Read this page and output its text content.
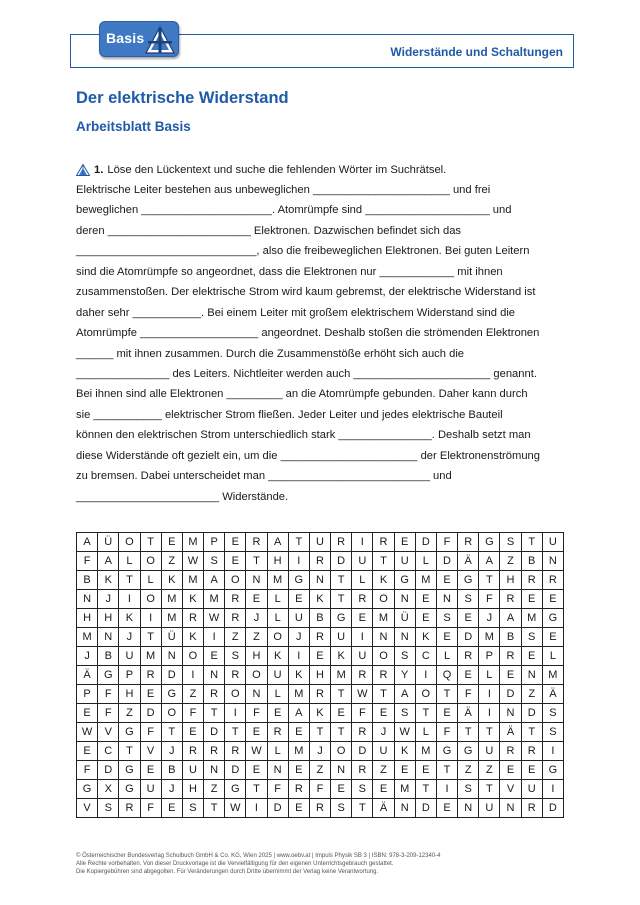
Basis
Widerstände und Schaltungen
Der elektrische Widerstand
Arbeitsblatt Basis
1. Löse den Lückentext und suche die fehlenden Wörter im Suchrätsel.
Elektrische Leiter bestehen aus unbeweglichen ______________________ und frei
beweglichen _____________________. Atomrümpfe sind ____________________ und
deren _______________________ Elektronen. Dazwischen befindet sich das
_____________________________, also die freibeweglichen Elektronen. Bei guten Leitern
sind die Atomrümpfe so angeordnet, dass die Elektronen nur ____________ mit ihnen
zusammenstoßen. Der elektrische Strom wird kaum gebremst, der elektrische Widerstand ist
daher sehr ___________. Bei einem Leiter mit großem elektrischem Widerstand sind die
Atomrümpfe ___________________ angeordnet. Deshalb stoßen die strömenden Elektronen
______ mit ihnen zusammen. Durch die Zusammenstöße erhöht sich auch die
_______________ des Leiters. Nichtleiter werden auch ______________________ genannt.
Bei ihnen sind alle Elektronen _________ an die Atomrümpfe gebunden. Daher kann durch
sie ___________ elektrischer Strom fließen. Jeder Leiter und jedes elektrische Bauteil
können den elektrischen Strom unterschiedlich stark _______________. Deshalb setzt man
diese Widerstände oft gezielt ein, um die ______________________ der Elektronenströmung
zu bremsen. Dabei unterscheidet man __________________________ und
_______________________ Widerstände.
A	Ü	O	T	E	M	P	E	R	A	T	U	R	I	R	E	D	F	R	G	S	T	U
F	A	L	O	Z	W	S	E	T	H	I	R	D	U	T	U	L	D	Ä	A	Z	B	N
B	K	T	L	K	M	A	O	N	M	G	N	T	L	K	G	M	E	G	T	H	R	R
N	J	I	O	M	K	M	R	E	L	E	K	T	R	O	N	E	N	S	F	R	E	E
H	H	K	I	M	R	W	R	J	L	U	B	G	E	M	Ü	E	S	E	J	A	M	G
M	N	J	T	Ü	K	I	Z	Z	O	J	R	U	I	N	N	K	E	D	M	B	S	E
J	B	U	M	N	O	E	S	H	K	I	E	K	U	O	S	C	L	R	P	R	E	L
Ä	G	P	R	D	I	N	R	O	U	K	H	M	R	R	Y	I	Q	E	L	E	N	M
P	F	H	E	G	Z	R	O	N	L	M	R	T	W	T	A	O	T	F	I	D	Z	Ä
E	F	Z	D	O	F	T	I	F	E	A	K	E	F	E	S	T	E	Ä	I	N	D	S
W	V	G	F	T	E	D	T	E	R	E	T	T	R	J	W	L	F	T	T	Ä	T	S
E	C	T	V	J	R	R	R	W	L	M	J	O	D	U	K	M	G	G	U	R	R	I
F	D	G	E	B	U	N	D	E	N	E	Z	N	R	Z	E	E	T	Z	Z	E	E	G
G	X	G	U	J	H	Z	G	T	F	R	F	E	S	E	M	T	I	S	T	V	U	I
V	S	R	F	E	S	T	W	I	D	E	R	S	T	Ä	N	D	E	N	U	N	R	D
© Österreichischer Bundesverlag Schulbuch GmbH & Co. KG, Wien 2025 | www.oebv.at | Impuls Physik SB 3 | ISBN: 978-3-209-12340-4
Alle Rechte vorbehalten. Von dieser Druckvorlage ist die Vervielfältigung für den eigenen Unterrichtsgebrauch gestattet.
Die Kopiergebühren sind abgegolten. Für Veränderungen durch Dritte übernimmt der Verlag keine Verantwortung.
